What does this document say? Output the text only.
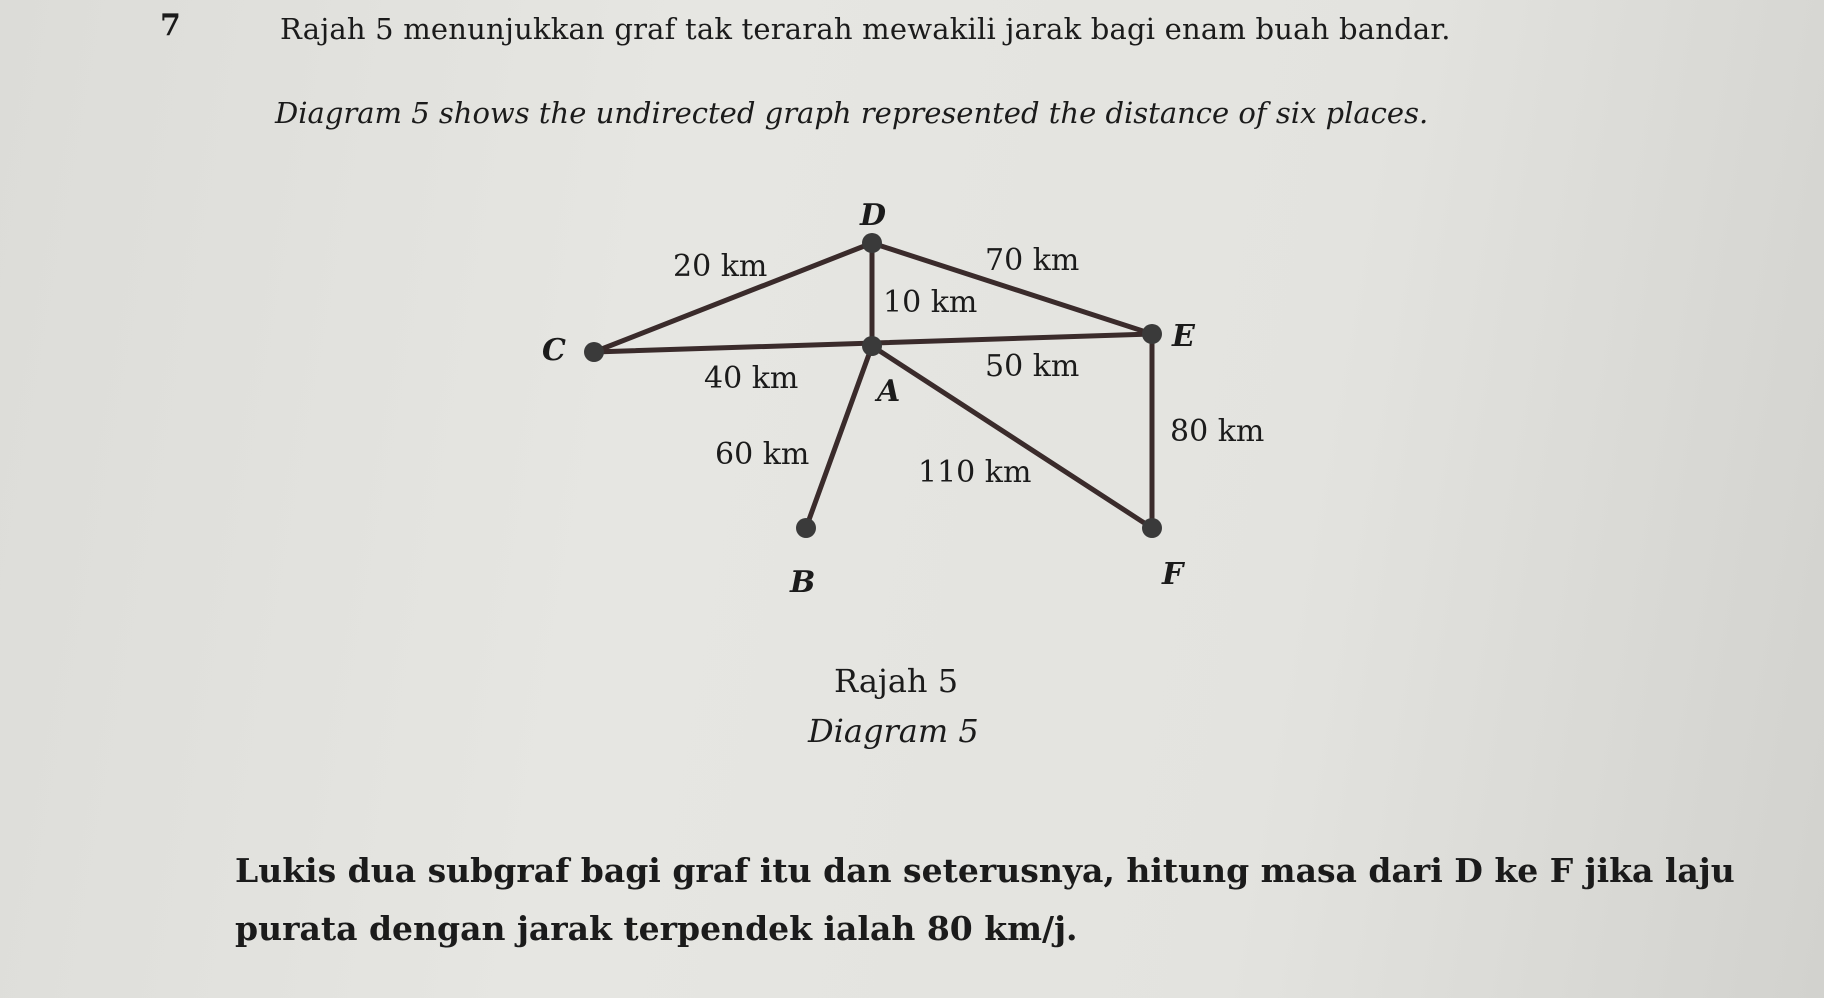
7	Rajah 5 menunjukkan graf tak terarah mewakili jarak bagi enam buah bandar.
Diagram 5 shows the undirected graph represented the distance of six places.
D
C
A
E
B	F
20 km	70 km
10 km
40 km	50 km
60 km
110 km
80 km
Rajah 5
Diagram 5
Lukis dua subgraf bagi graf itu dan seterusnya, hitung masa dari D ke F jika laju
purata dengan jarak terpendek ialah 80 km/j.
